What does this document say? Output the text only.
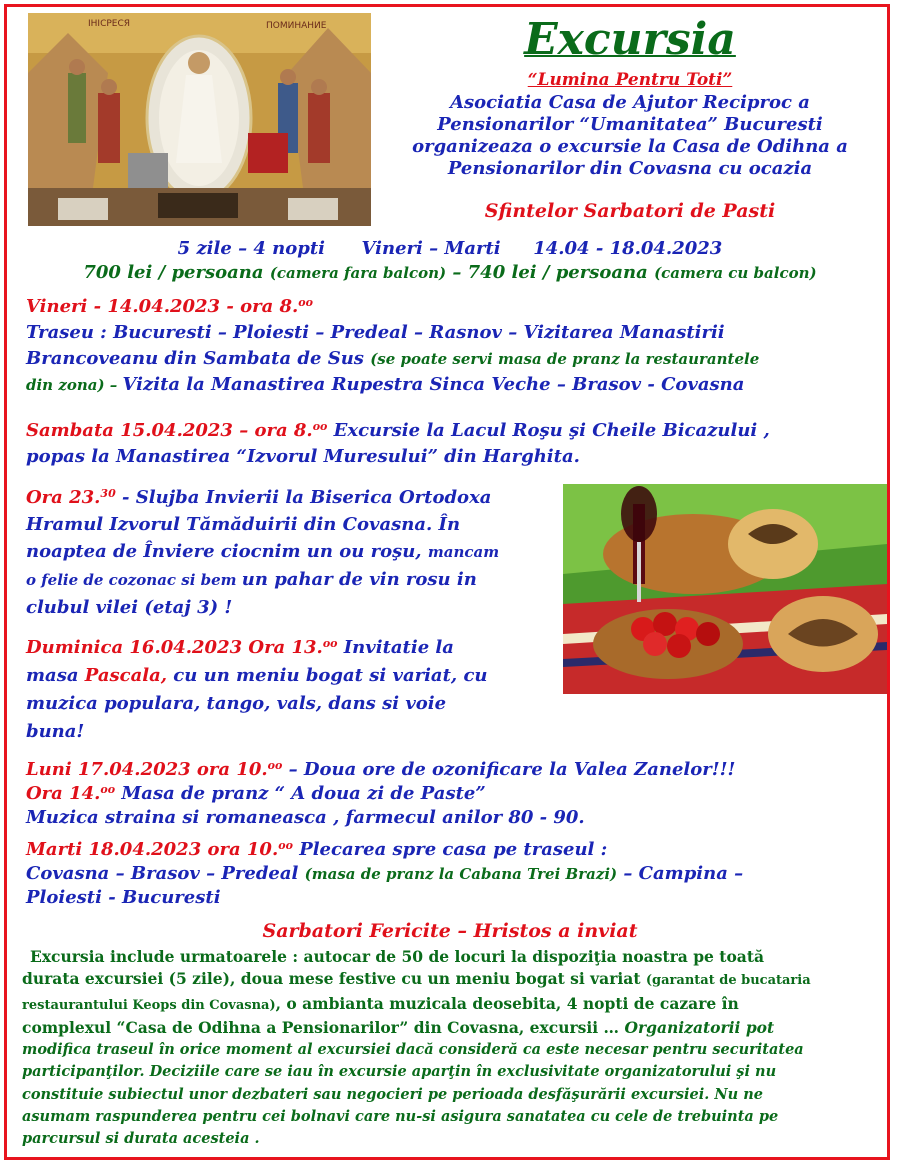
ІНІСРЕСЯ	ПОМИНАНИЕ	Excursia
“Lumina Pentru Toti”
Asociatia Casa de Ajutor Reciproc a
Pensionarilor “Umanitatea” Bucuresti
organizeaza o excursie la Casa de Odihna a
Pensionarilor din Covasna cu ocazia
Sfintelor Sarbatori de Pasti
5 zile – 4 nopti Vineri – Marti 14.04 - 18.04.2023
700 lei / persoana (camera fara balcon) – 740 lei / persoana (camera cu balcon)
Vineri - 14.04.2023 - ora 8.$^{oo}$
Traseu : Bucuresti – Ploiesti – Predeal – Rasnov – Vizitarea Manastirii
Brancoveanu din Sambata de Sus (se poate servi masa de pranz la restaurantele
din zona) – Vizita la Manastirea Rupestra Sinca Veche – Brasov - Covasna
Sambata 15.04.2023 – ora 8.$^{oo}$ Excursie la Lacul Roşu şi Cheile Bicazului ,
popas la Manastirea “Izvorul Muresului” din Harghita.
Ora 23.30 - Slujba Invierii la Biserica Ortodoxa
Hramul Izvorul Tămăduirii din Covasna. În
noaptea de Înviere ciocnim un ou roşu, mancam
o felie de cozonac si bem un pahar de vin rosu in
clubul vilei (etaj 3) !
Duminica 16.04.2023 Ora 13.$^{oo}$ Invitatie la
masa Pascala, cu un meniu bogat si variat, cu
muzica populara, tango, vals, dans si voie
buna!
Luni 17.04.2023 ora 10.$^{oo}$ – Doua ore de ozonificare la Valea Zanelor!!!
Ora 14.$^{oo}$ Masa de pranz “ A doua zi de Paste”
Muzica straina si romaneasca , farmecul anilor 80 - 90.
Marti 18.04.2023 ora 10.$^{oo}$ Plecarea spre casa pe traseul :
Covasna – Brasov – Predeal (masa de pranz la Cabana Trei Brazi) – Campina –
Ploiesti - Bucuresti
Sarbatori Fericite – Hristos a inviat
Excursia include urmatoarele : autocar de 50 de locuri la dispoziţia noastra pe toată
durata excursiei (5 zile), doua mese festive cu un meniu bogat si variat (garantat de bucataria
restaurantului Keops din Covasna), o ambianta muzicala deosebita, 4 nopti de cazare în
complexul “Casa de Odihna a Pensionarilor” din Covasna, excursii … Organizatorii pot
modifica traseul în orice moment al excursiei dacă consideră ca este necesar pentru securitatea
participanţilor. Deciziile care se iau în excursie aparţin în exclusivitate organizatorului şi nu
constituie subiectul unor dezbateri sau negocieri pe perioada desfăşurării excursiei. Nu ne
asumam raspunderea pentru cei bolnavi care nu-si asigura sanatatea cu cele de trebuinta pe
parcursul si durata acesteia .
